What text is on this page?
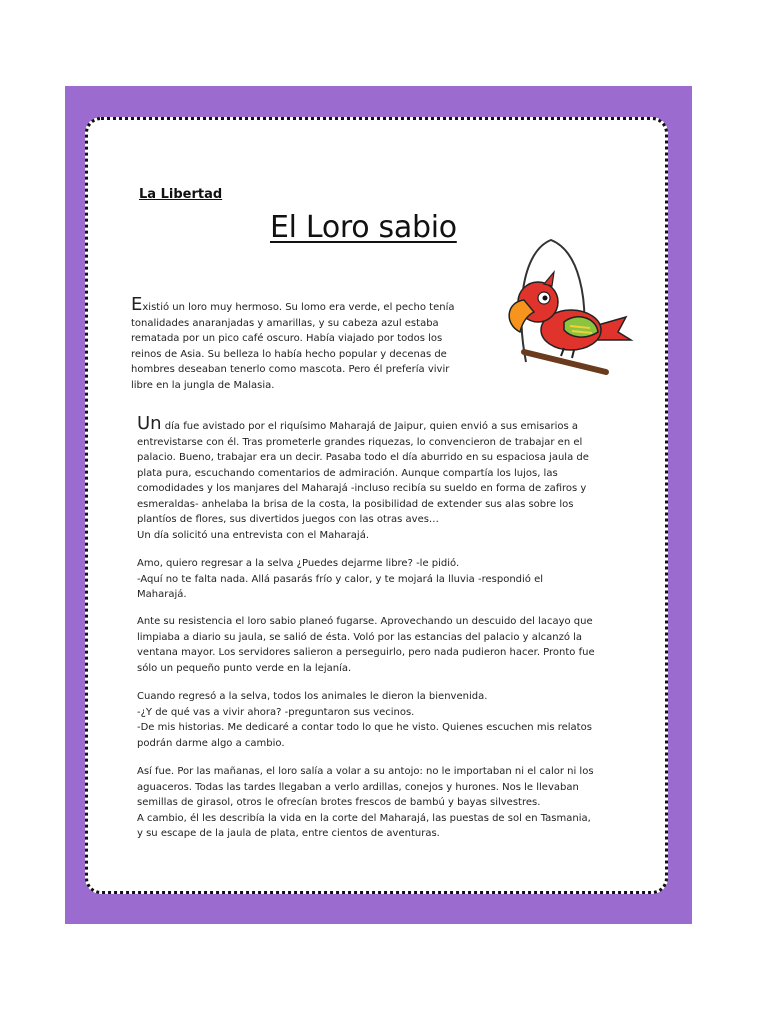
La Libertad

El Loro sabio

Existió un loro muy hermoso. Su lomo era verde, el pecho tenía
tonalidades anaranjadas y amarillas, y su cabeza azul estaba
rematada por un pico café oscuro. Había viajado por todos los
reinos de Asia. Su belleza lo había hecho popular y decenas de
hombres deseaban tenerlo como mascota. Pero él prefería vivir
libre en la jungla de Malasia.

Un día fue avistado por el riquísimo Maharajá de Jaipur, quien envió a sus emisarios a
entrevistarse con él. Tras prometerle grandes riquezas, lo convencieron de trabajar en el
palacio. Bueno, trabajar era un decir. Pasaba todo el día aburrido en su espaciosa jaula de
plata pura, escuchando comentarios de admiración. Aunque compartía los lujos, las
comodidades y los manjares del Maharajá -incluso recibía su sueldo en forma de zafiros y
esmeraldas- anhelaba la brisa de la costa, la posibilidad de extender sus alas sobre los
plantíos de flores, sus divertidos juegos con las otras aves…
Un día solicitó una entrevista con el Maharajá.

Amo, quiero regresar a la selva ¿Puedes dejarme libre? -le pidió.
-Aquí no te falta nada. Allá pasarás frío y calor, y te mojará la lluvia -respondió el
Maharajá.

Ante su resistencia el loro sabio planeó fugarse. Aprovechando un descuido del lacayo que
limpiaba a diario su jaula, se salió de ésta. Voló por las estancias del palacio y alcanzó la
ventana mayor. Los servidores salieron a perseguirlo, pero nada pudieron hacer. Pronto fue
sólo un pequeño punto verde en la lejanía.

Cuando regresó a la selva, todos los animales le dieron la bienvenida.
-¿Y de qué vas a vivir ahora? -preguntaron sus vecinos.
-De mis historias. Me dedicaré a contar todo lo que he visto. Quienes escuchen mis relatos
podrán darme algo a cambio.

Así fue. Por las mañanas, el loro salía a volar a su antojo: no le importaban ni el calor ni los
aguaceros. Todas las tardes llegaban a verlo ardillas, conejos y hurones. Nos le llevaban
semillas de girasol, otros le ofrecían brotes frescos de bambú y bayas silvestres.
A cambio, él les describía la vida en la corte del Maharajá, las puestas de sol en Tasmania,
y su escape de la jaula de plata, entre cientos de aventuras.
